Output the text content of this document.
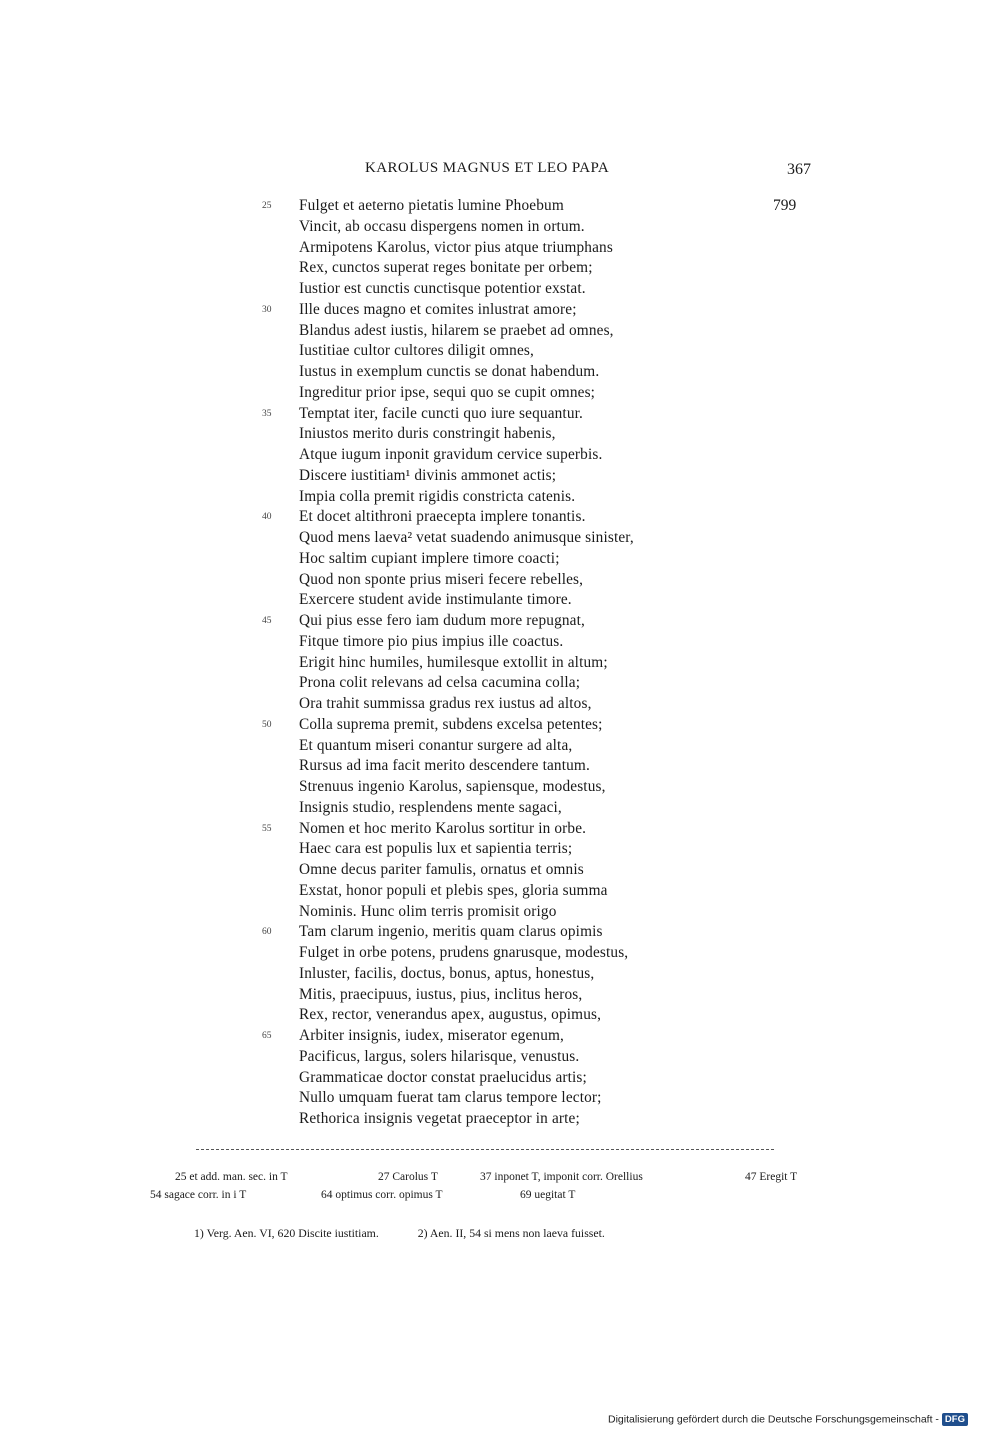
KAROLUS MAGNUS ET LEO PAPA	367
799
25	Fulget et aeterno pietatis lumine Phoebum
Vincit, ab occasu dispergens nomen in ortum.
Armipotens Karolus, victor pius atque triumphans
Rex, cunctos superat reges bonitate per orbem;
Iustior est cunctis cunctisque potentior exstat.
30	Ille duces magno et comites inlustrat amore;
Blandus adest iustis, hilarem se praebet ad omnes,
Iustitiae cultor cultores diligit omnes,
Iustus in exemplum cunctis se donat habendum.
Ingreditur prior ipse, sequi quo se cupit omnes;
35	Temptat iter, facile cuncti quo iure sequantur.
Iniustos merito duris constringit habenis,
Atque iugum inponit gravidum cervice superbis.
Discere iustitiam¹ divinis ammonet actis;
Impia colla premit rigidis constricta catenis.
40	Et docet altithroni praecepta implere tonantis.
Quod mens laeva² vetat suadendo animusque sinister,
Hoc saltim cupiant implere timore coacti;
Quod non sponte prius miseri fecere rebelles,
Exercere student avide instimulante timore.
45	Qui pius esse fero iam dudum more repugnat,
Fitque timore pio pius impius ille coactus.
Erigit hinc humiles, humilesque extollit in altum;
Prona colit relevans ad celsa cacumina colla;
Ora trahit summissa gradus rex iustus ad altos,
50	Colla suprema premit, subdens excelsa petentes;
Et quantum miseri conantur surgere ad alta,
Rursus ad ima facit merito descendere tantum.
Strenuus ingenio Karolus, sapiensque, modestus,
Insignis studio, resplendens mente sagaci,
55	Nomen et hoc merito Karolus sortitur in orbe.
Haec cara est populis lux et sapientia terris;
Omne decus pariter famulis, ornatus et omnis
Exstat, honor populi et plebis spes, gloria summa
Nominis. Hunc olim terris promisit origo
60	Tam clarum ingenio, meritis quam clarus opimis
Fulget in orbe potens, prudens gnarusque, modestus,
Inluster, facilis, doctus, bonus, aptus, honestus,
Mitis, praecipuus, iustus, pius, inclitus heros,
Rex, rector, venerandus apex, augustus, opimus,
65	Arbiter insignis, iudex, miserator egenum,
Pacificus, largus, solers hilarisque, venustus.
Grammaticae doctor constat praelucidus artis;
Nullo umquam fuerat tam clarus tempore lector;
Rethorica insignis vegetat praeceptor in arte;
25 et add. man. sec. in T	27 Carolus T	37 inponet T, imponit corr. Orellius	47 Eregit T
54 sagace corr. in i T	64 optimus corr. opimus T	69 uegitat T
1) Verg. Aen. VI, 620 Discite iustitiam.	2) Aen. II, 54 si mens non laeva fuisset.
Digitalisierung gefördert durch die Deutsche Forschungsgemeinschaft - DFG
